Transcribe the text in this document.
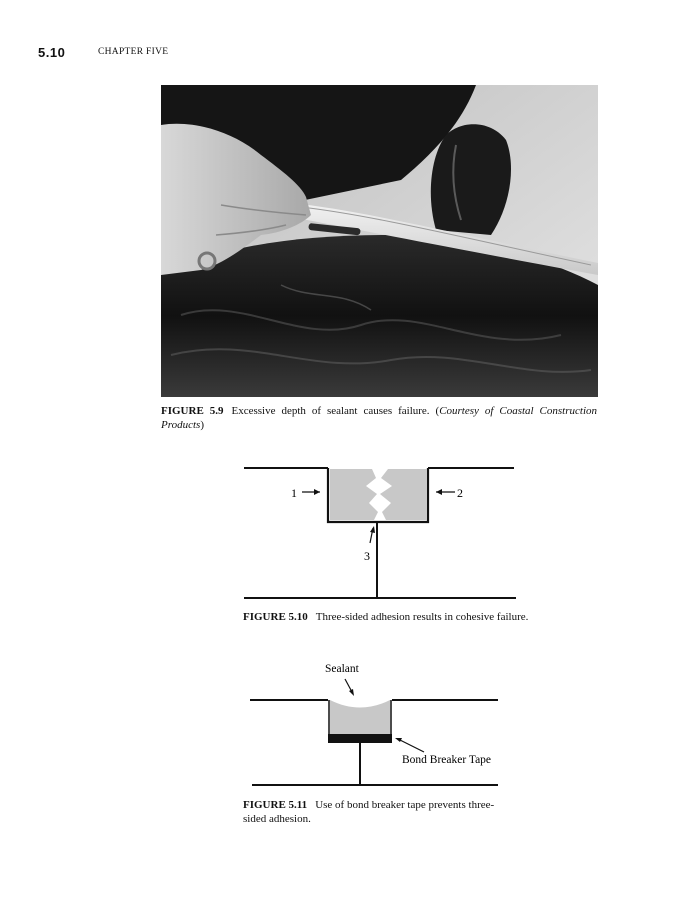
5.10	CHAPTER FIVE
FIGURE 5.9 Excessive depth of sealant causes failure. (Courtesy of Coastal Construction Products)
1	2
3
FIGURE 5.10 Three-sided adhesion results in cohesive failure.
Sealant
Bond Breaker Tape
FIGURE 5.11 Use of bond breaker tape prevents three-sided adhesion.
